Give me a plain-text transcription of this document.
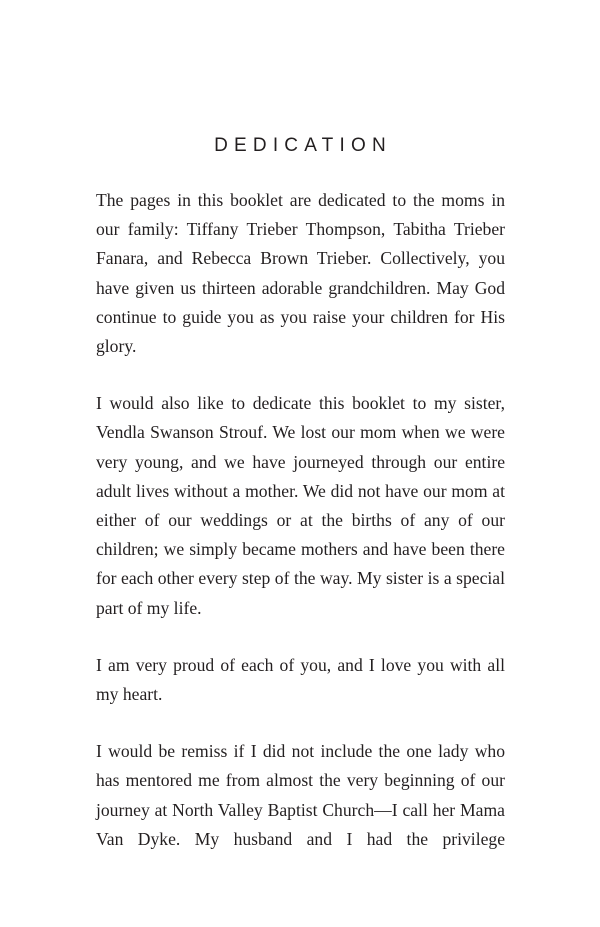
DEDICATION

The pages in this booklet are dedicated to the moms in our family: Tiffany Trieber Thompson, Tabitha Trieber Fanara, and Rebecca Brown Trieber. Collectively, you have given us thirteen adorable grandchildren. May God continue to guide you as you raise your children for His glory.

I would also like to dedicate this booklet to my sister, Vendla Swanson Strouf. We lost our mom when we were very young, and we have journeyed through our entire adult lives without a mother. We did not have our mom at either of our weddings or at the births of any of our children; we simply became mothers and have been there for each other every step of the way. My sister is a special part of my life.

I am very proud of each of you, and I love you with all my heart.

I would be remiss if I did not include the one lady who has mentored me from almost the very beginning of our journey at North Valley Baptist Church—I call her Mama Van Dyke. My husband and I had the privilege
